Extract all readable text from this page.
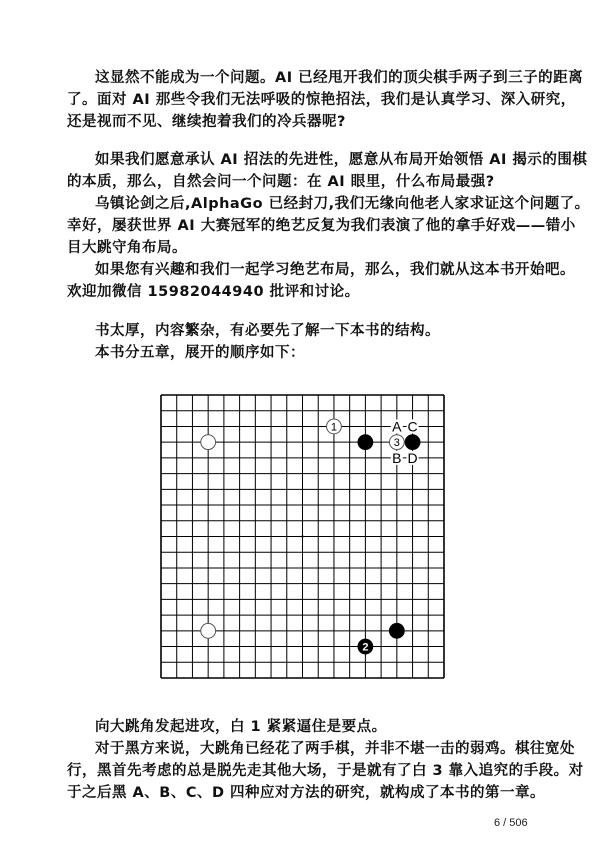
这显然不能成为一个问题。AI 已经甩开我们的顶尖棋手两子到三子的距离
了。面对 AI 那些令我们无法呼吸的惊艳招法，我们是认真学习、深入研究，
还是视而不见、继续抱着我们的冷兵器呢?
如果我们愿意承认 AI 招法的先进性，愿意从布局开始领悟 AI 揭示的围棋
的本质，那么，自然会问一个问题：在 AI 眼里，什么布局最强?
乌镇论剑之后,AlphaGo 已经封刀,我们无缘向他老人家求证这个问题了。
幸好，屡获世界 AI 大赛冠军的绝艺反复为我们表演了他的拿手好戏——错小
目大跳守角布局。
如果您有兴趣和我们一起学习绝艺布局，那么，我们就从这本书开始吧。
欢迎加微信 15982044940 批评和讨论。
书太厚，内容繁杂，有必要先了解一下本书的结构。
本书分五章，展开的顺序如下：
A C
B D
1
3
2
向大跳角发起进攻，白 1 紧紧逼住是要点。
对于黑方来说，大跳角已经花了两手棋，并非不堪一击的弱鸡。棋往宽处
行，黑首先考虑的总是脱先走其他大场，于是就有了白 3 靠入追究的手段。对
于之后黑 A、B、C、D 四种应对方法的研究，就构成了本书的第一章。
6 / 506
